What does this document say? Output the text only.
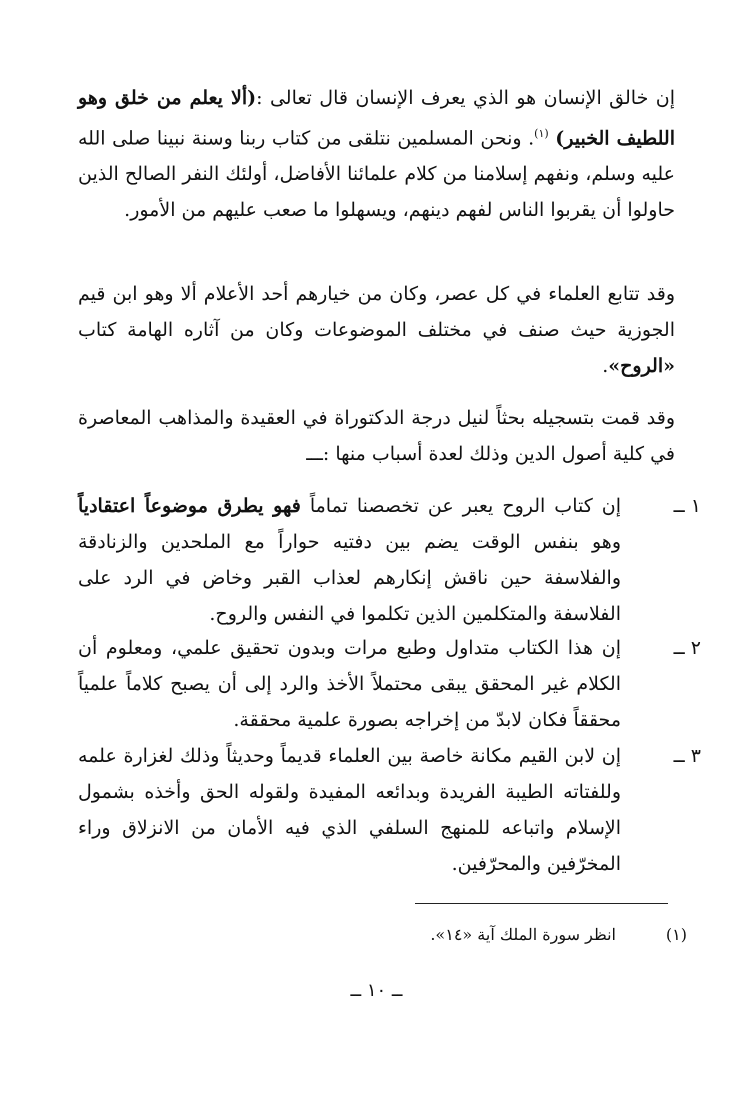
إن خالق الإنسان هو الذي يعرف الإنسان قال تعالى :(ألا يعلم من خلق وهو اللطيف الخبير) $^{(١)}$. ونحن المسلمين نتلقى من كتاب ربنا وسنة نبينا صلى الله عليه وسلم، ونفهم إسلامنا من كلام علمائنا الأفاضل، أولئك النفر الصالح الذين حاولوا أن يقربوا الناس لفهم دينهم، ويسهلوا ما صعب عليهم من الأمور.

وقد تتابع العلماء في كل عصر، وكان من خيارهم أحد الأعلام ألا وهو ابن قيم الجوزية حيث صنف في مختلف الموضوعات وكان من آثاره الهامة كتاب «الروح».

وقد قمت بتسجيله بحثاً لنيل درجة الدكتوراة في العقيدة والمذاهب المعاصرة في كلية أصول الدين وذلك لعدة أسباب منها :ـــ

١ ــ
إن كتاب الروح يعبر عن تخصصنا تماماً فهو يطرق موضوعاً اعتقادياً وهو بنفس الوقت يضم بين دفتيه حواراً مع الملحدين والزنادقة والفلاسفة حين ناقش إنكارهم لعذاب القبر وخاض في الرد على الفلاسفة والمتكلمين الذين تكلموا في النفس والروح.
٢ ــ
إن هذا الكتاب متداول وطبع مرات وبدون تحقيق علمي، ومعلوم أن الكلام غير المحقق يبقى محتملاً الأخذ والرد إلى أن يصبح كلاماً علمياً محققاً فكان لابدّ من إخراجه بصورة علمية محققة.
٣ ــ
إن لابن القيم مكانة خاصة بين العلماء قديماً وحديثاً وذلك لغزارة علمه وللفتاته الطيبة الفريدة وبدائعه المفيدة ولقوله الحق وأخذه بشمول الإسلام واتباعه للمنهج السلفي الذي فيه الأمان من الانزلاق وراء المخرّفين والمحرّفين.
(١)
انظر سورة الملك آية «١٤».
ــ ١٠ ــ
